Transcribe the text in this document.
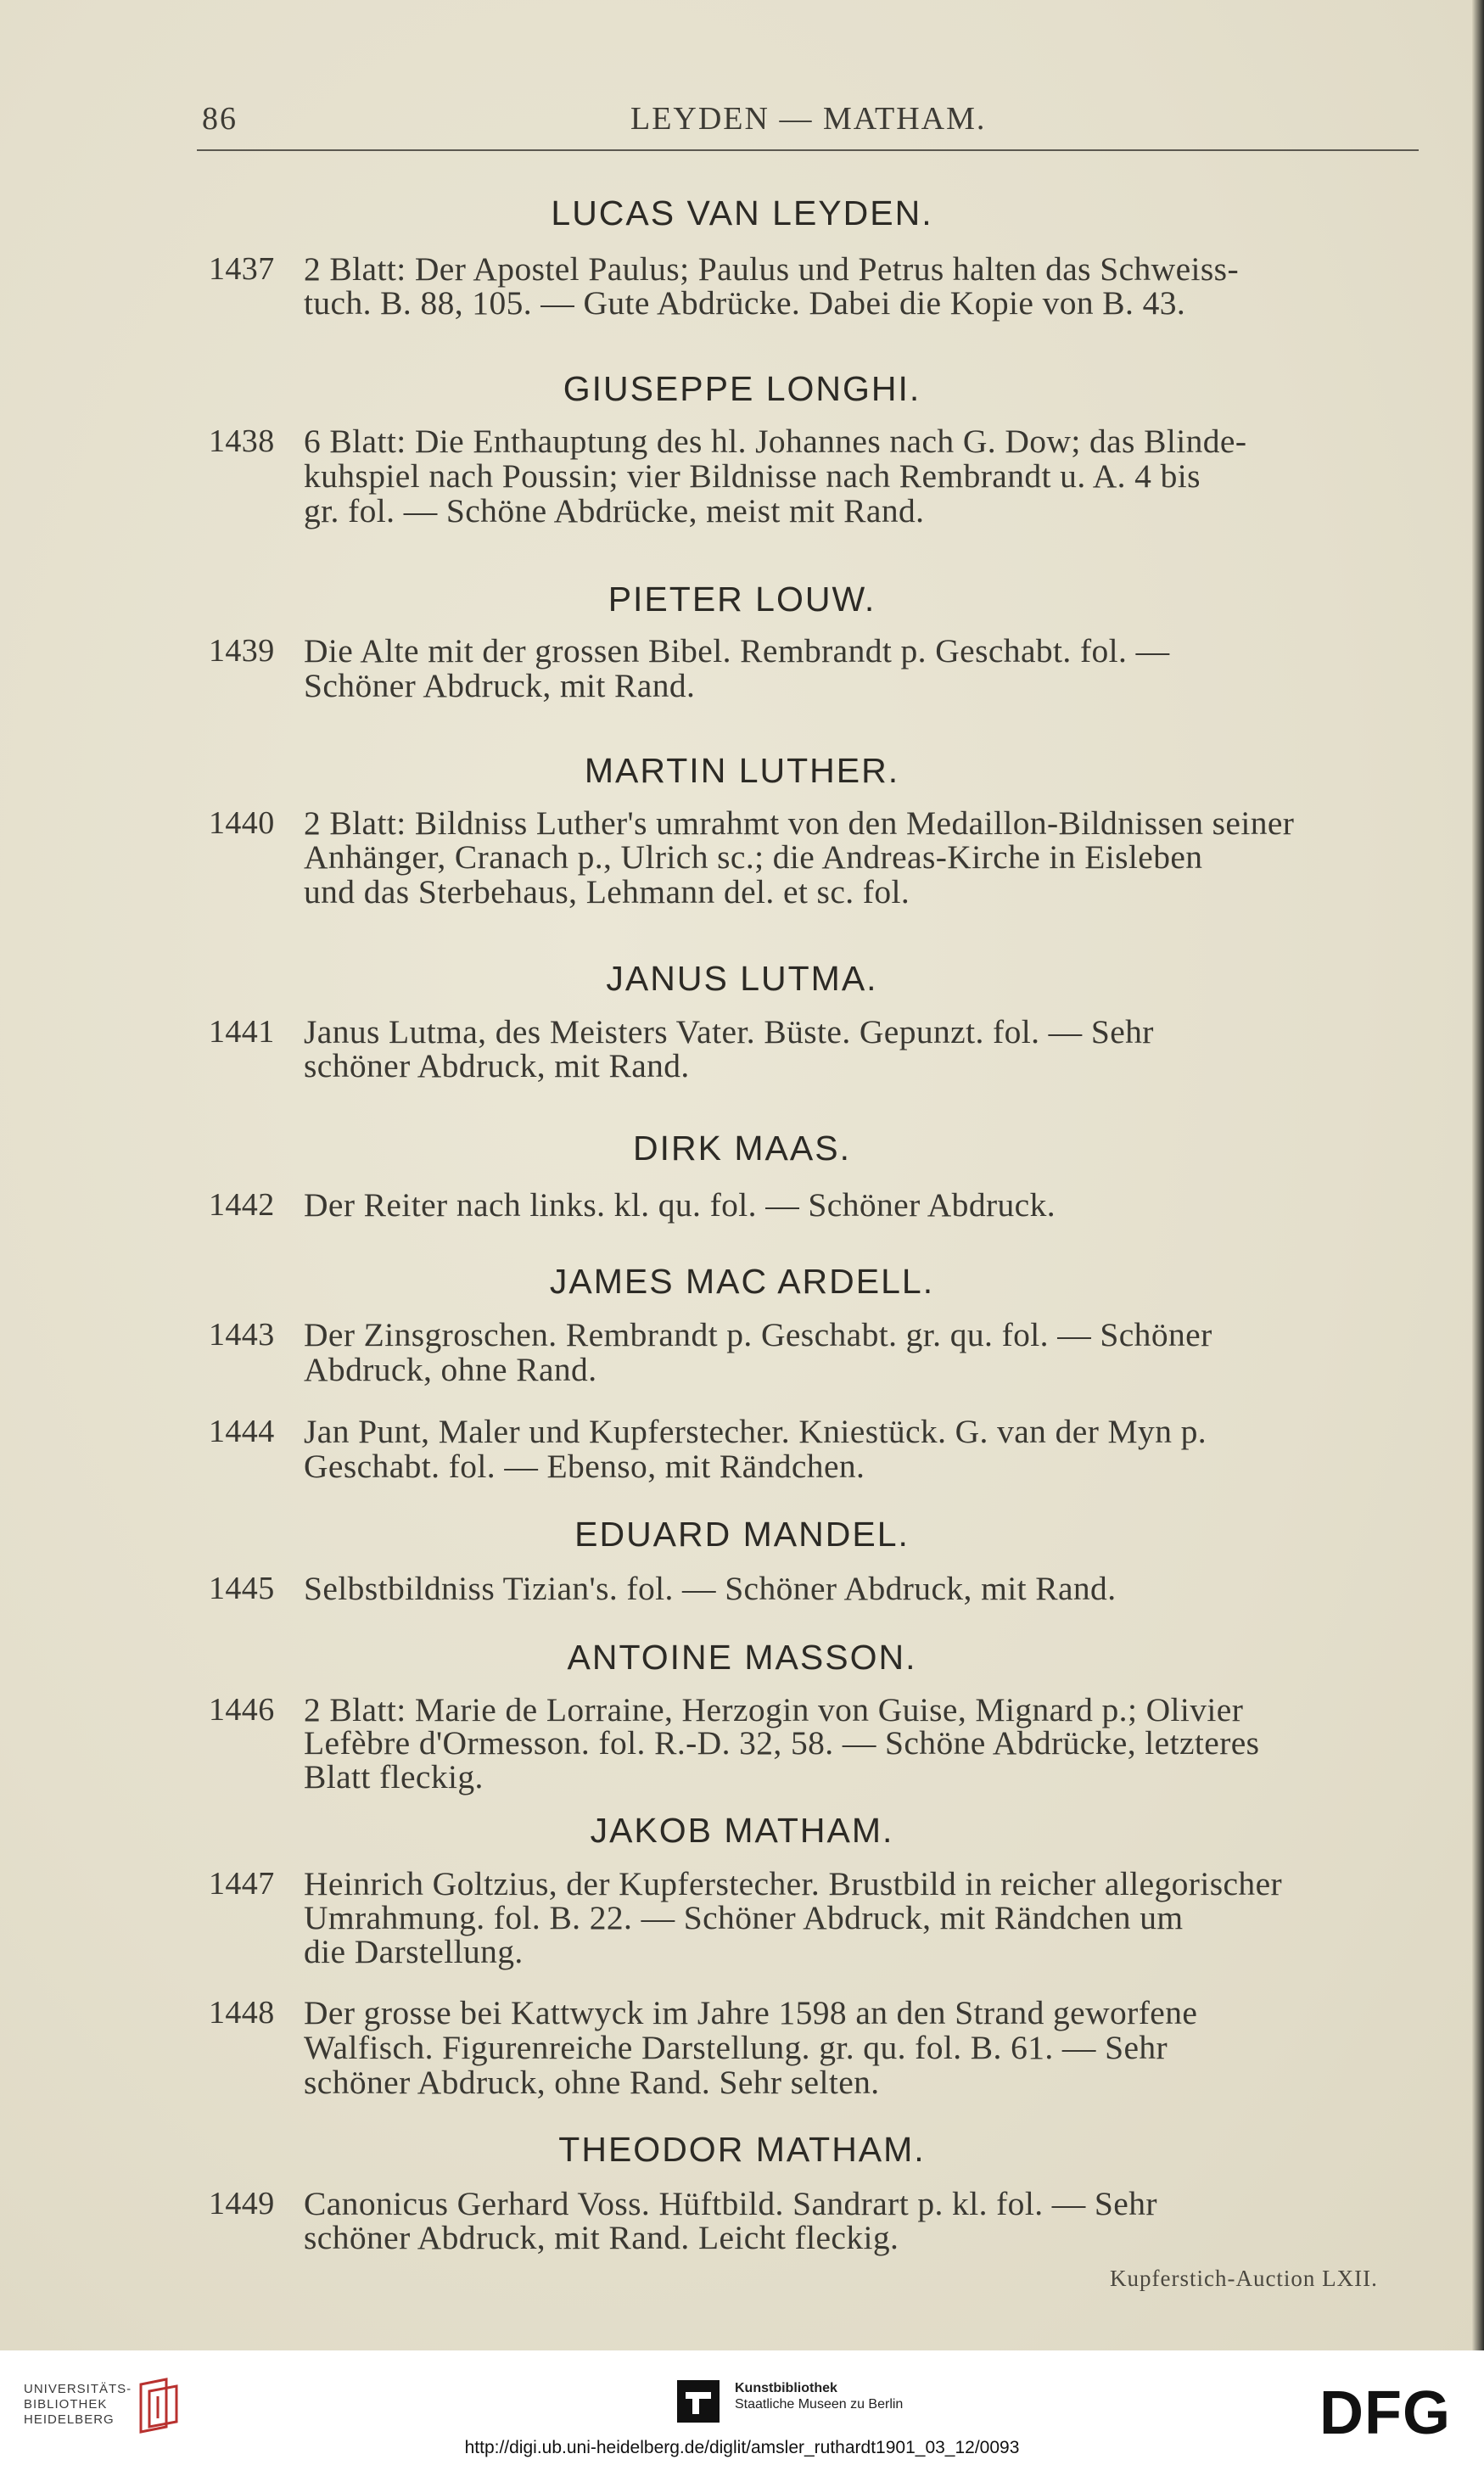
86	LEYDEN — MATHAM.
LUCAS VAN LEYDEN.
1437 2 Blatt: Der Apostel Paulus; Paulus und Petrus halten das Schweiss-
tuch. B. 88, 105. — Gute Abdrücke. Dabei die Kopie von B. 43.
GIUSEPPE LONGHI.
1438 6 Blatt: Die Enthauptung des hl. Johannes nach G. Dow; das Blinde-
kuhspiel nach Poussin; vier Bildnisse nach Rembrandt u. A. 4 bis
gr. fol. — Schöne Abdrücke, meist mit Rand.
PIETER LOUW.
1439 Die Alte mit der grossen Bibel. Rembrandt p. Geschabt. fol. —
Schöner Abdruck, mit Rand.
MARTIN LUTHER.
1440 2 Blatt: Bildniss Luther's umrahmt von den Medaillon-Bildnissen seiner
Anhänger, Cranach p., Ulrich sc.; die Andreas-Kirche in Eisleben
und das Sterbehaus, Lehmann del. et sc. fol.
JANUS LUTMA.
1441 Janus Lutma, des Meisters Vater. Büste. Gepunzt. fol. — Sehr
schöner Abdruck, mit Rand.
DIRK MAAS.
1442 Der Reiter nach links. kl. qu. fol. — Schöner Abdruck.
JAMES MAC ARDELL.
1443 Der Zinsgroschen. Rembrandt p. Geschabt. gr. qu. fol. — Schöner
Abdruck, ohne Rand.
1444 Jan Punt, Maler und Kupferstecher. Kniestück. G. van der Myn p.
Geschabt. fol. — Ebenso, mit Rändchen.
EDUARD MANDEL.
1445 Selbstbildniss Tizian's. fol. — Schöner Abdruck, mit Rand.
ANTOINE MASSON.
1446 2 Blatt: Marie de Lorraine, Herzogin von Guise, Mignard p.; Olivier
Lefèbre d'Ormesson. fol. R.-D. 32, 58. — Schöne Abdrücke, letzteres
Blatt fleckig.
JAKOB MATHAM.
1447 Heinrich Goltzius, der Kupferstecher. Brustbild in reicher allegorischer
Umrahmung. fol. B. 22. — Schöner Abdruck, mit Rändchen um
die Darstellung.
1448 Der grosse bei Kattwyck im Jahre 1598 an den Strand geworfene
Walfisch. Figurenreiche Darstellung. gr. qu. fol. B. 61. — Sehr
schöner Abdruck, ohne Rand. Sehr selten.
THEODOR MATHAM.
1449 Canonicus Gerhard Voss. Hüftbild. Sandrart p. kl. fol. — Sehr
schöner Abdruck, mit Rand. Leicht fleckig.
Kupferstich-Auction LXII.
UNIVERSITÄTS-
BIBLIOTHEK
HEIDELBERG
Kunstbibliothek
Staatliche Museen zu Berlin	DFG
http://digi.ub.uni-heidelberg.de/diglit/amsler_ruthardt1901_03_12/0093
